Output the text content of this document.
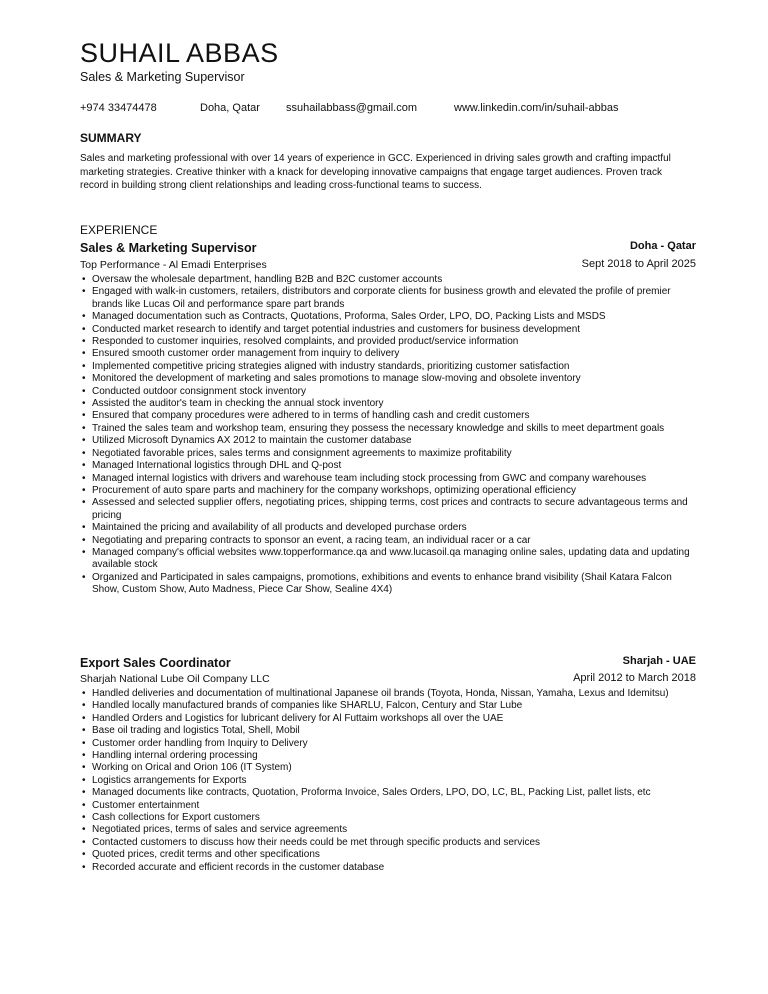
SUHAIL ABBAS
Sales & Marketing Supervisor
+974 33474478	Doha, Qatar ssuhailabbass@gmail.com	www.linkedin.com/in/suhail-abbas
SUMMARY
Sales and marketing professional with over 14 years of experience in GCC. Experienced in driving sales growth and crafting impactful marketing strategies. Creative thinker with a knack for developing innovative campaigns that engage target audiences. Proven track record in building strong client relationships and leading cross-functional teams to success.
EXPERIENCE
Sales & Marketing Supervisor	Doha - Qatar
Top Performance - Al Emadi Enterprises	Sept 2018 to April 2025
• Oversaw the wholesale department, handling B2B and B2C customer accounts
• Engaged with walk-in customers, retailers, distributors and corporate clients for business growth and elevated the profile of premier brands like Lucas Oil and performance spare part brands
• Managed documentation such as Contracts, Quotations, Proforma, Sales Order, LPO, DO, Packing Lists and MSDS
• Conducted market research to identify and target potential industries and customers for business development
• Responded to customer inquiries, resolved complaints, and provided product/service information
• Ensured smooth customer order management from inquiry to delivery
• Implemented competitive pricing strategies aligned with industry standards, prioritizing customer satisfaction
• Monitored the development of marketing and sales promotions to manage slow-moving and obsolete inventory
• Conducted outdoor consignment stock inventory
• Assisted the auditor's team in checking the annual stock inventory
• Ensured that company procedures were adhered to in terms of handling cash and credit customers
• Trained the sales team and workshop team, ensuring they possess the necessary knowledge and skills to meet department goals
• Utilized Microsoft Dynamics AX 2012 to maintain the customer database
• Negotiated favorable prices, sales terms and consignment agreements to maximize profitability
• Managed International logistics through DHL and Q-post
• Managed internal logistics with drivers and warehouse team including stock processing from GWC and company warehouses
• Procurement of auto spare parts and machinery for the company workshops, optimizing operational efficiency
• Assessed and selected supplier offers, negotiating prices, shipping terms, cost prices and contracts to secure advantageous terms and pricing
• Maintained the pricing and availability of all products and developed purchase orders
• Negotiating and preparing contracts to sponsor an event, a racing team, an individual racer or a car
• Managed company's official websites www.topperformance.qa and www.lucasoil.qa managing online sales, updating data and updating available stock
• Organized and Participated in sales campaigns, promotions, exhibitions and events to enhance brand visibility (Shail Katara Falcon Show, Custom Show, Auto Madness, Piece Car Show, Sealine 4X4)
Export Sales Coordinator	Sharjah - UAE
Sharjah National Lube Oil Company LLC	April 2012 to March 2018
• Handled deliveries and documentation of multinational Japanese oil brands (Toyota, Honda, Nissan, Yamaha, Lexus and Idemitsu)
• Handled locally manufactured brands of companies like SHARLU, Falcon, Century and Star Lube
• Handled Orders and Logistics for lubricant delivery for Al Futtaim workshops all over the UAE
• Base oil trading and logistics Total, Shell, Mobil
• Customer order handling from Inquiry to Delivery
• Handling internal ordering processing
• Working on Orical and Orion 106 (IT System)
• Logistics arrangements for Exports
• Managed documents like contracts, Quotation, Proforma Invoice, Sales Orders, LPO, DO, LC, BL, Packing List, pallet lists, etc
• Customer entertainment
• Cash collections for Export customers
• Negotiated prices, terms of sales and service agreements
• Contacted customers to discuss how their needs could be met through specific products and services
• Quoted prices, credit terms and other specifications
• Recorded accurate and efficient records in the customer database
